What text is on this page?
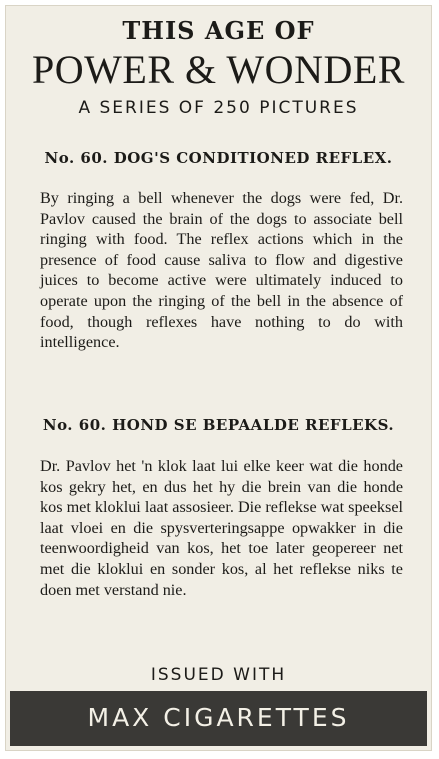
THIS AGE OF
POWER & WONDER
A SERIES OF 250 PICTURES
No. 60. DOG'S CONDITIONED REFLEX.
By ringing a bell whenever the dogs were fed, Dr. Pavlov caused the brain of the dogs to associate bell ringing with food. The reflex actions which in the presence of food cause saliva to flow and digestive juices to become active were ultimately induced to operate upon the ringing of the bell in the absence of food, though reflexes have nothing to do with intelligence.
No. 60. HOND SE BEPAALDE REFLEKS.
Dr. Pavlov het 'n klok laat lui elke keer wat die honde kos gekry het, en dus het hy die brein van die honde kos met kloklui laat assosieer. Die reflekse wat speeksel laat vloei en die spysverteringsappe opwakker in die teenwoordigheid van kos, het toe later geopereer net met die kloklui en sonder kos, al het reflekse niks te doen met verstand nie.
ISSUED WITH
MAX CIGARETTES
